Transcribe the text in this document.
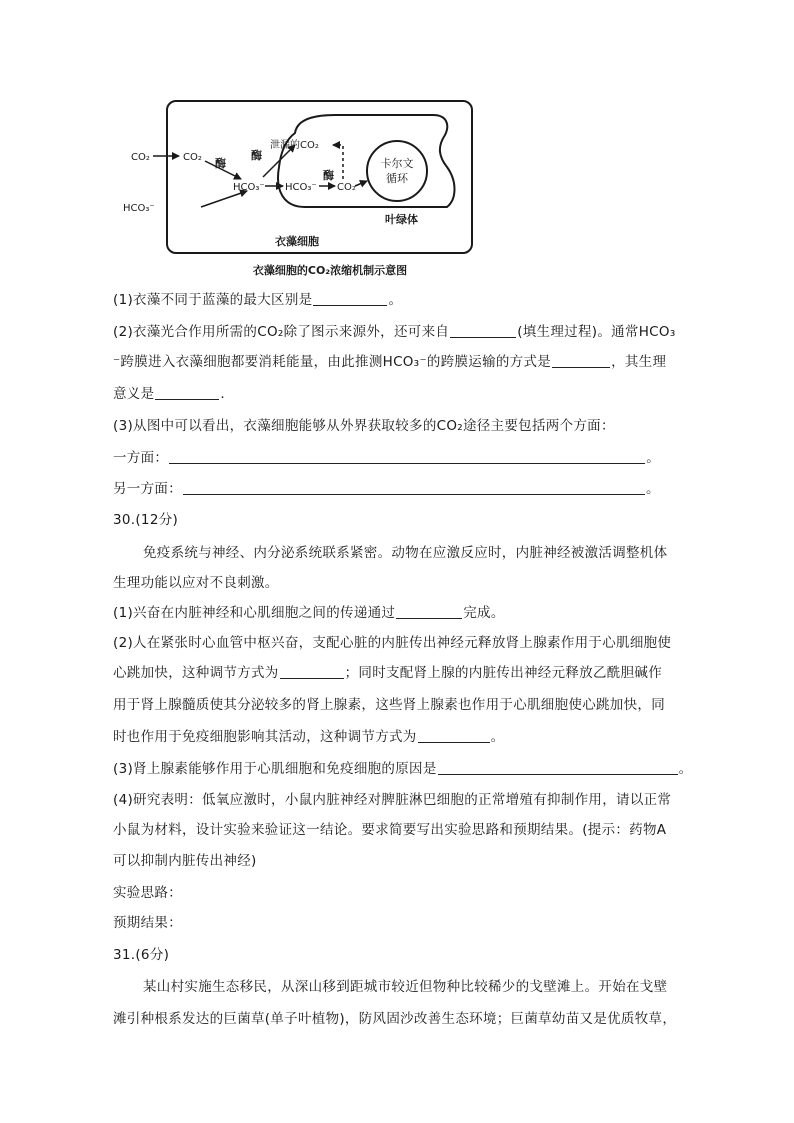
CO₂	CO₂
HCO₃⁻
酶
酶
酶
HCO₃⁻ HCO₃⁻ CO₂
泄漏的CO₂
卡尔文
循环
叶绿体
衣藻细胞
衣藻细胞的CO₂浓缩机制示意图
(1)衣藻不同于蓝藻的最大区别是	。
(2)衣藻光合作用所需的CO₂除了图示来源外，还可来自	(填生理过程)。通常HCO₃
⁻跨膜进入衣藻细胞都要消耗能量，由此推测HCO₃⁻的跨膜运输的方式是	，其生理
意义是	.
(3)从图中可以看出，衣藻细胞能够从外界获取较多的CO₂途径主要包括两个方面：
一方面：	。
另一方面：	。
30.(12分)
免疫系统与神经、内分泌系统联系紧密。动物在应激反应时，内脏神经被激活调整机体
生理功能以应对不良刺激。
(1)兴奋在内脏神经和心肌细胞之间的传递通过	完成。
(2)人在紧张时心血管中枢兴奋，支配心脏的内脏传出神经元释放肾上腺素作用于心肌细胞使
心跳加快，这种调节方式为	；同时支配肾上腺的内脏传出神经元释放乙酰胆碱作
用于肾上腺髓质使其分泌较多的肾上腺素，这些肾上腺素也作用于心肌细胞使心跳加快，同
时也作用于免疫细胞影响其活动，这种调节方式为	。
(3)肾上腺素能够作用于心肌细胞和免疫细胞的原因是	。
(4)研究表明：低氧应激时，小鼠内脏神经对脾脏淋巴细胞的正常增殖有抑制作用，请以正常
小鼠为材料，设计实验来验证这一结论。要求简要写出实验思路和预期结果。(提示：药物A
可以抑制内脏传出神经)
实验思路：
预期结果：
31.(6分)
某山村实施生态移民，从深山移到距城市较近但物种比较稀少的戈壁滩上。开始在戈壁
滩引种根系发达的巨菌草(单子叶植物)，防风固沙改善生态环境；巨菌草幼苗又是优质牧草，
